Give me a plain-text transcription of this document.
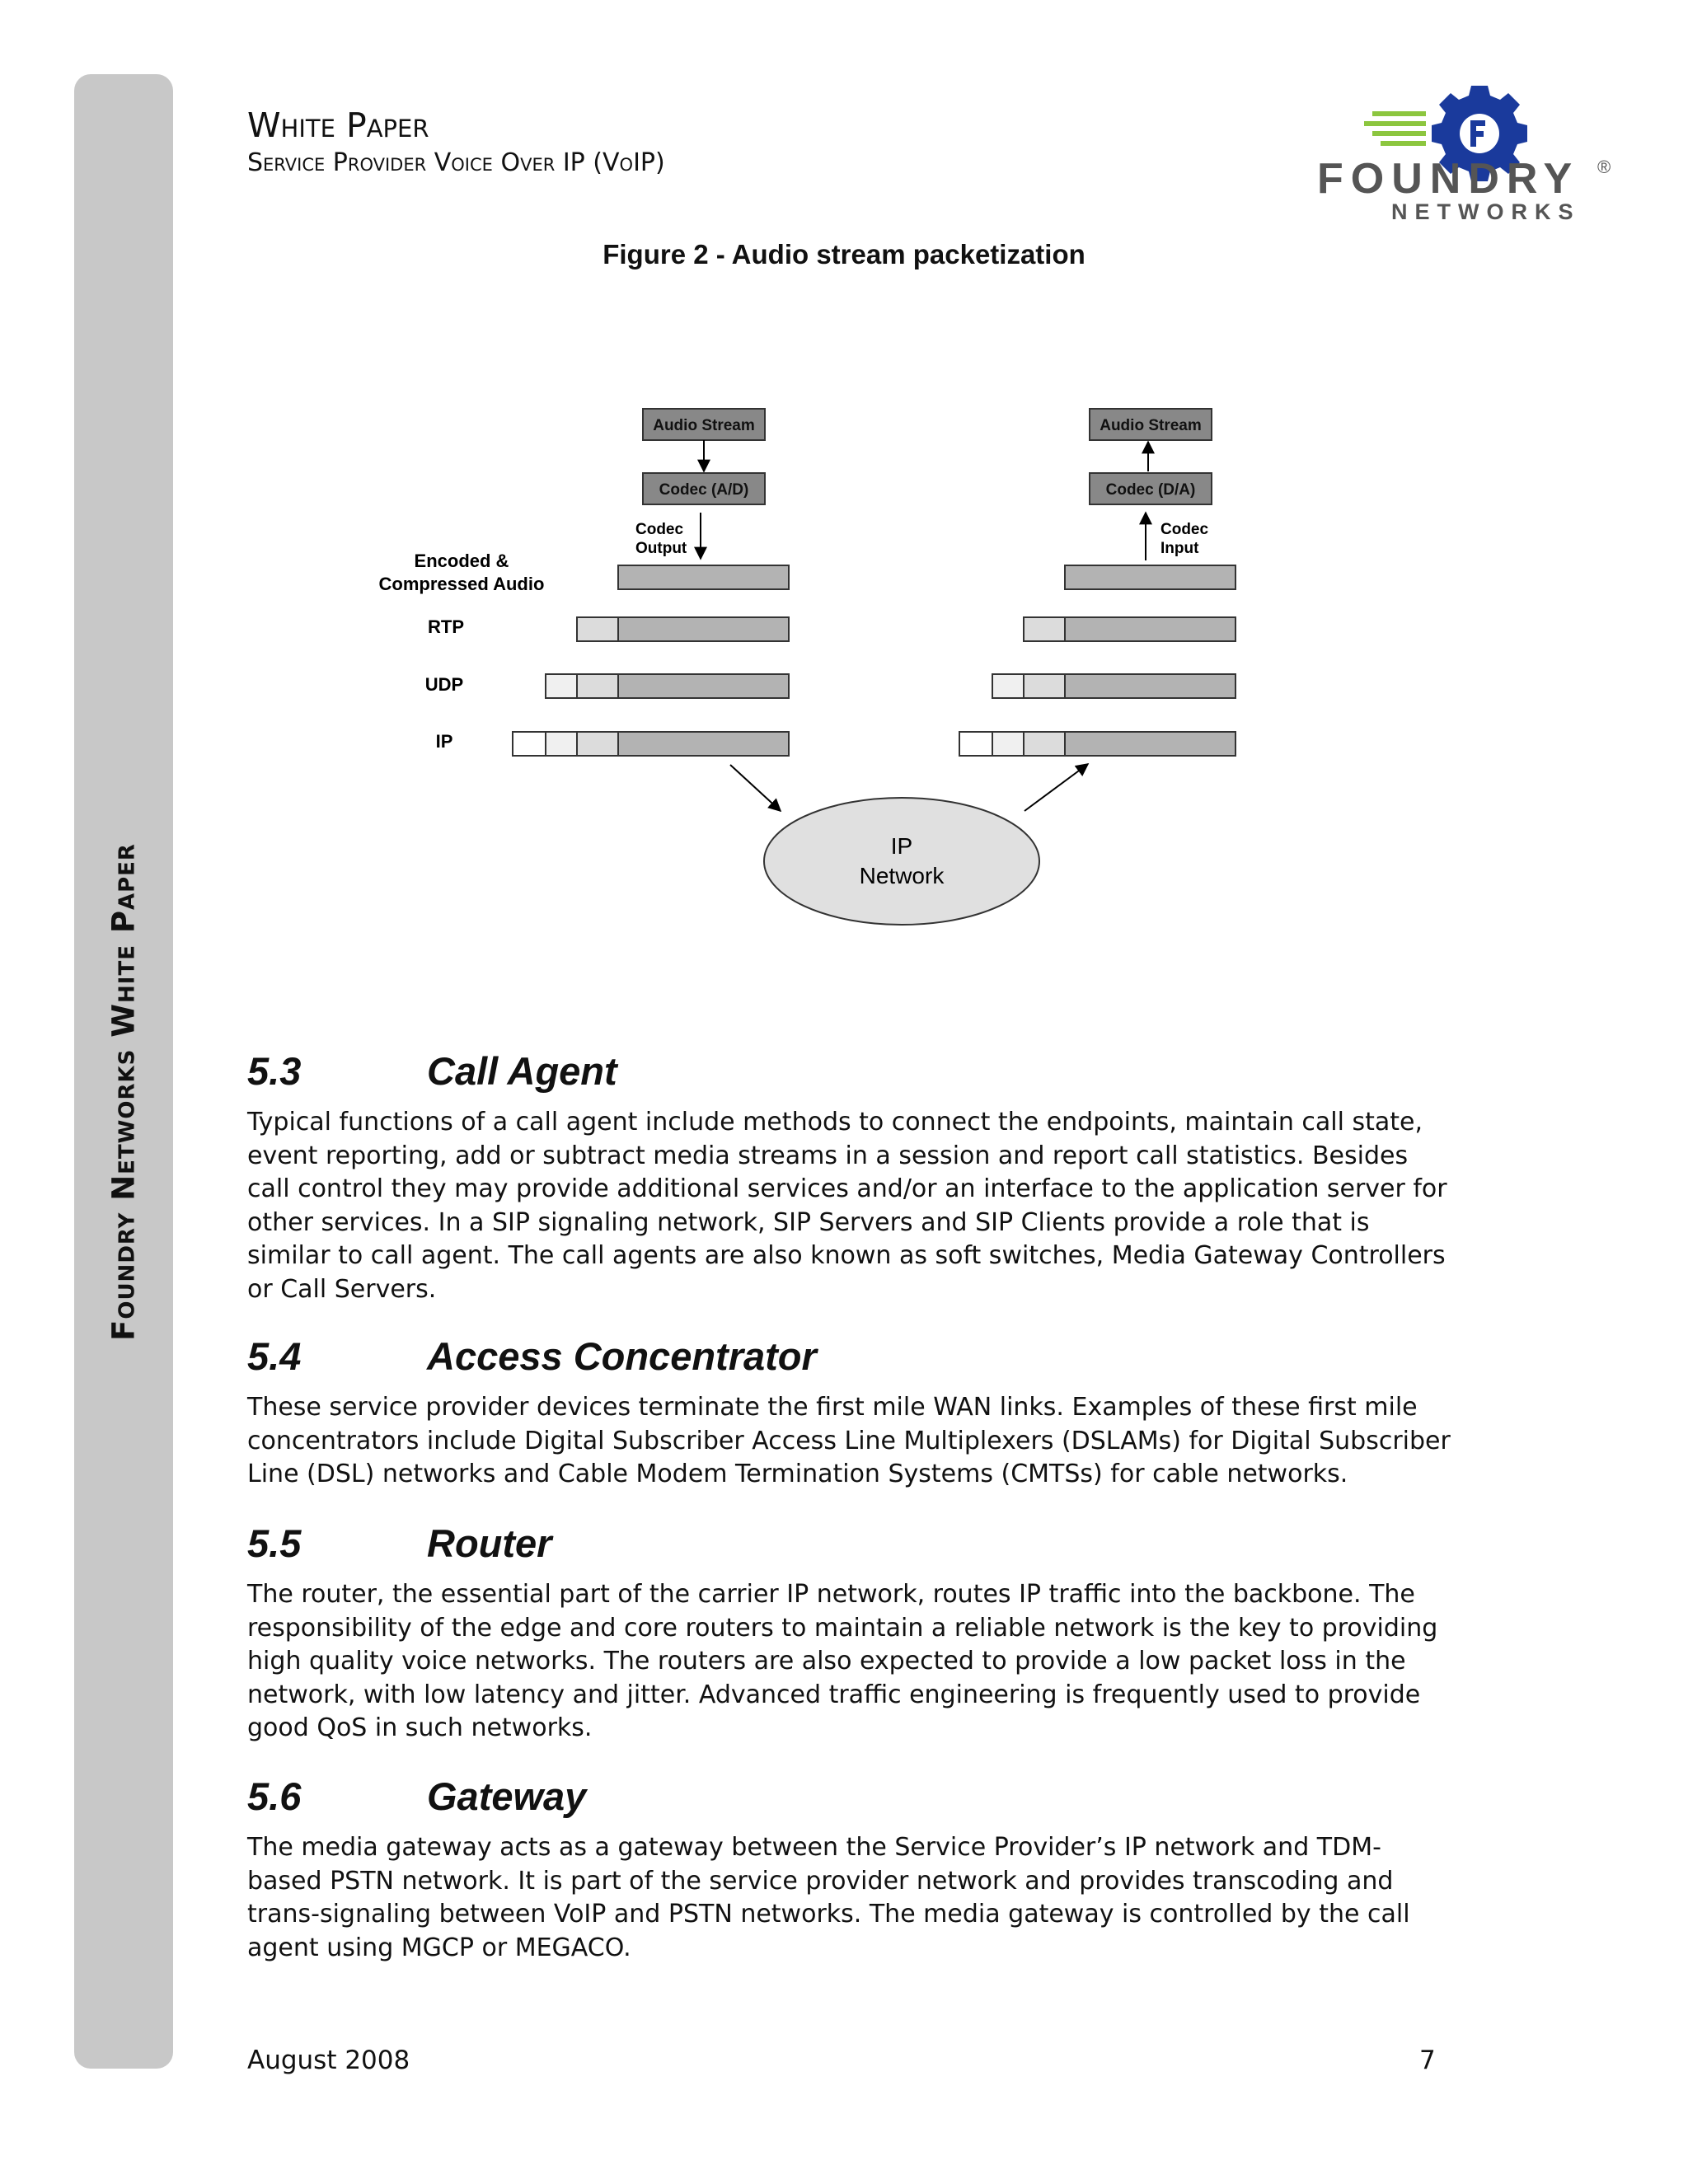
Foundry Networks White Paper
White Paper
Service Provider Voice Over IP (VoIP)	FOUNDRY ®
NETWORKS
Figure 2 - Audio stream packetization
Audio Stream
Codec (A/D)
Codec
Output
Audio Stream
Codec (D/A)
Codec
Input
Encoded &
Compressed Audio
RTP
UDP
IP
IP
Network
5.3	Call Agent
Typical functions of a call agent include methods to connect the endpoints, maintain call state, event reporting, add or subtract media streams in a session and report call statistics. Besides call control they may provide additional services and/or an interface to the application server for other services. In a SIP signaling network, SIP Servers and SIP Clients provide a role that is similar to call agent. The call agents are also known as soft switches, Media Gateway Controllers or Call Servers.
5.4	Access Concentrator
These service provider devices terminate the first mile WAN links. Examples of these first mile concentrators include Digital Subscriber Access Line Multiplexers (DSLAMs) for Digital Subscriber Line (DSL) networks and Cable Modem Termination Systems (CMTSs) for cable networks.
5.5	Router
The router, the essential part of the carrier IP network, routes IP traffic into the backbone. The responsibility of the edge and core routers to maintain a reliable network is the key to providing high quality voice networks. The routers are also expected to provide a low packet loss in the network, with low latency and jitter. Advanced traffic engineering is frequently used to provide good QoS in such networks.
5.6	Gateway
The media gateway acts as a gateway between the Service Provider’s IP network and TDM-based PSTN network. It is part of the service provider network and provides transcoding and trans-signaling between VoIP and PSTN networks. The media gateway is controlled by the call agent using MGCP or MEGACO.
August 2008	7
